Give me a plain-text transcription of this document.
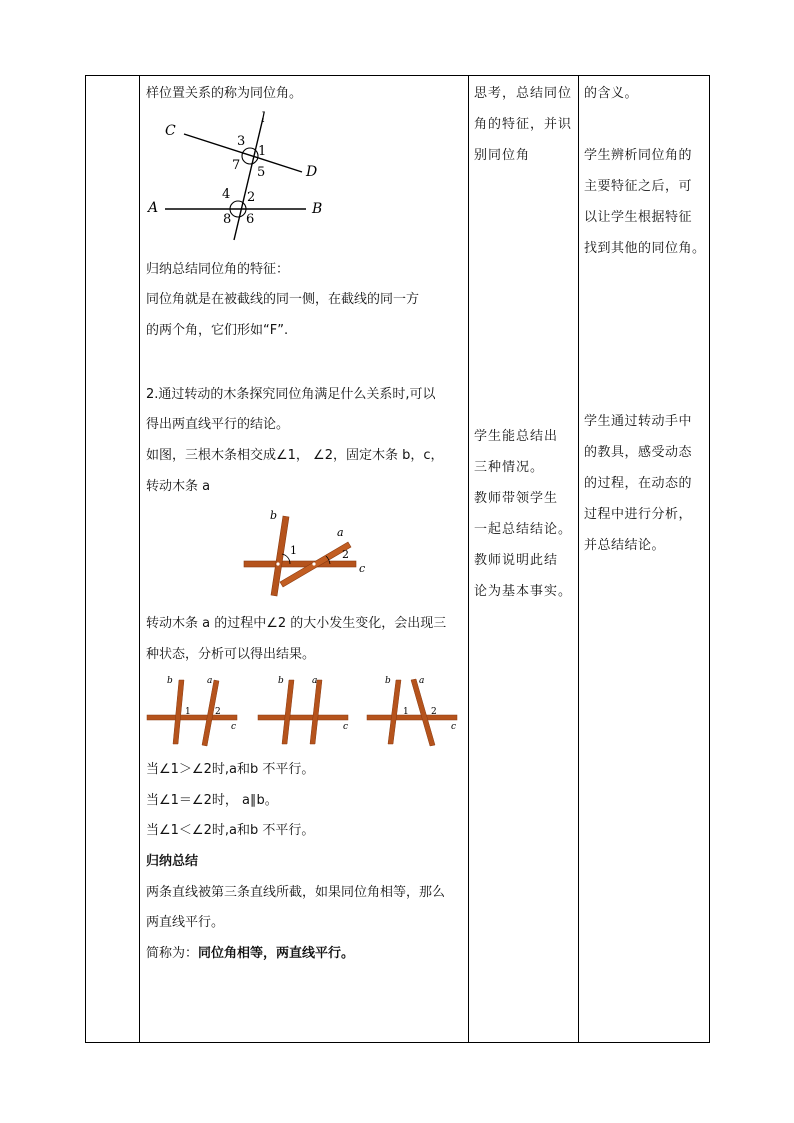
样位置关系的称为同位角。
C
l
D
A	B
3
1
7 5
4 2
8 6
归纳总结同位角的特征：
同位角就是在被截线的同一侧，在截线的同一方
的两个角，它们形如“F”.
2.通过转动的木条探究同位角满足什么关系时,可以
得出两直线平行的结论。
如图，三根木条相交成∠1， ∠2，固定木条 b，c，
转动木条 a
b
a
c
1	2
转动木条 a 的过程中∠2 的大小发生变化，会出现三
种状态，分析可以得出结果。
b	a
c
1	2
b	a
c
b	a
c
1 2
当∠1＞∠2时,a和b 不平行。
当∠1＝∠2时， a∥b。
当∠1＜∠2时,a和b 不平行。
归纳总结
两条直线被第三条直线所截，如果同位角相等，那么
两直线平行。
简称为：同位角相等，两直线平行。
思考，总结同位
角的特征，并识
别同位角
学生能总结出
三种情况。
教师带领学生
一起总结结论。
教师说明此结
论为基本事实。
的含义。
学生辨析同位角的
主要特征之后，可
以让学生根据特征
找到其他的同位角。
学生通过转动手中
的教具，感受动态
的过程，在动态的
过程中进行分析，
并总结结论。
